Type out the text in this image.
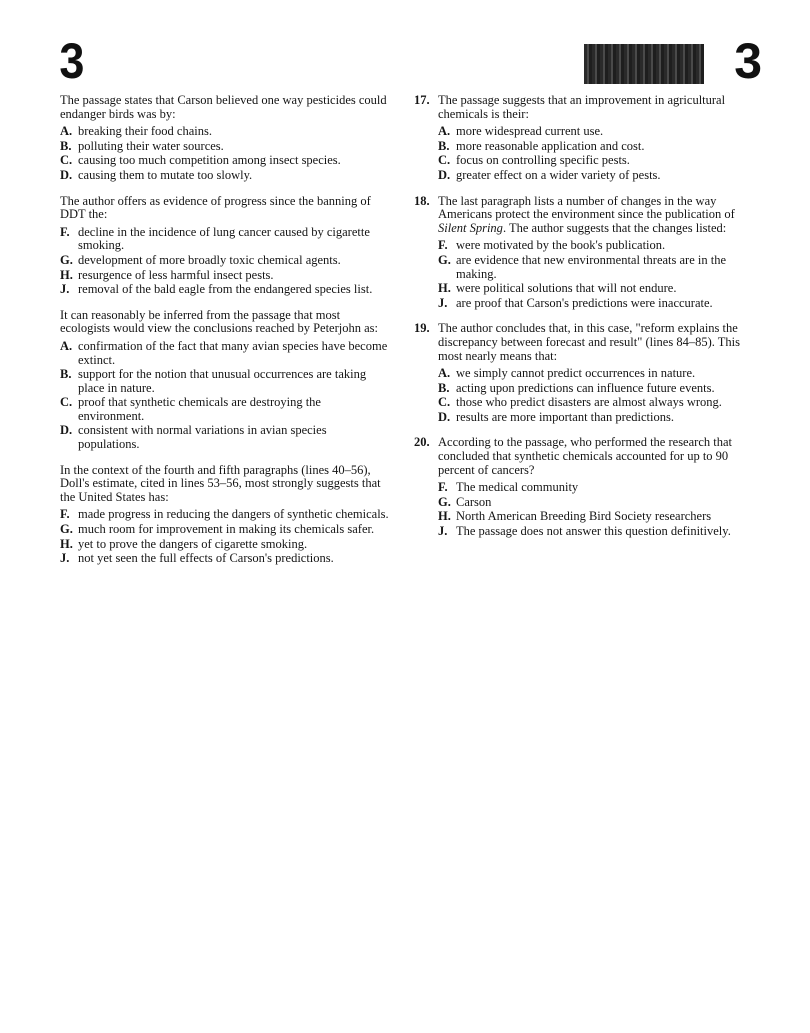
3	3

The passage states that Carson believed one way pesticides could endanger birds was by:

A. breaking their food chains.
B. polluting their water sources.
C. causing too much competition among insect species.
D. causing them to mutate too slowly.

The author offers as evidence of progress since the banning of DDT the:

F. decline in the incidence of lung cancer caused by cigarette smoking.
G. development of more broadly toxic chemical agents.
H. resurgence of less harmful insect pests.
J. removal of the bald eagle from the endangered species list.

It can reasonably be inferred from the passage that most ecologists would view the conclusions reached by Peterjohn as:

A. confirmation of the fact that many avian species have become extinct.
B. support for the notion that unusual occurrences are taking place in nature.
C. proof that synthetic chemicals are destroying the environment.
D. consistent with normal variations in avian species populations.

In the context of the fourth and fifth paragraphs (lines 40–56), Doll's estimate, cited in lines 53–56, most strongly suggests that the United States has:

F. made progress in reducing the dangers of synthetic chemicals.
G. much room for improvement in making its chemicals safer.
H. yet to prove the dangers of cigarette smoking.
J. not yet seen the full effects of Carson's predictions.
17. The passage suggests that an improvement in agricultural chemicals is their:

A. more widespread current use.
B. more reasonable application and cost.
C. focus on controlling specific pests.
D. greater effect on a wider variety of pests.
18. The last paragraph lists a number of changes in the way Americans protect the environment since the publication of Silent Spring. The author suggests that the changes listed:

F. were motivated by the book's publication.
G. are evidence that new environmental threats are in the making.
H. were political solutions that will not endure.
J. are proof that Carson's predictions were inaccurate.
19. The author concludes that, in this case, "reform explains the discrepancy between forecast and result" (lines 84–85). This most nearly means that:

A. we simply cannot predict occurrences in nature.
B. acting upon predictions can influence future events.
C. those who predict disasters are almost always wrong.
D. results are more important than predictions.
20. According to the passage, who performed the research that concluded that synthetic chemicals accounted for up to 90 percent of cancers?

F. The medical community
G. Carson
H. North American Breeding Bird Society researchers
J. The passage does not answer this question definitively.
